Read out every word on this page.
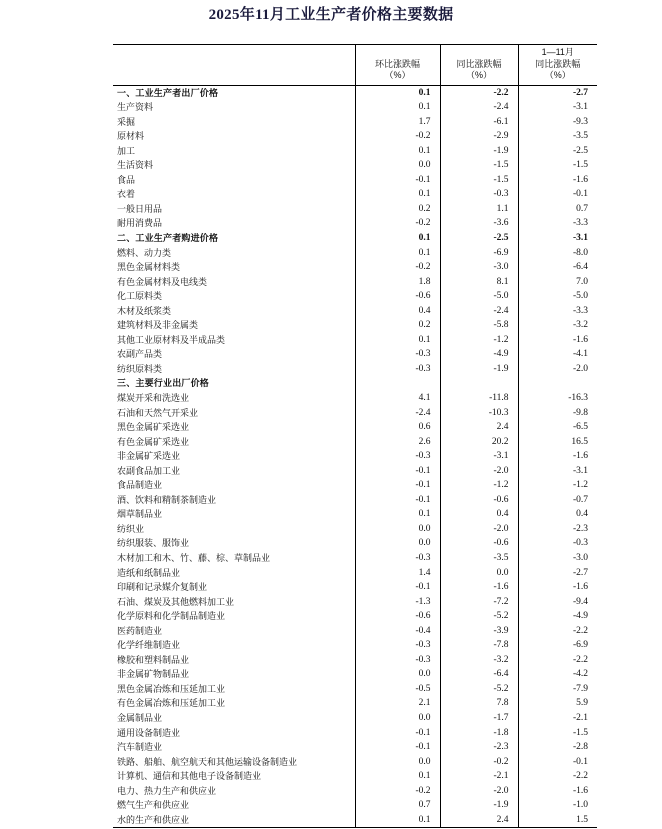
2025年11月工业生产者价格主要数据

	环比涨跌幅
（%）	同比涨跌幅
（%）	1—11月
同比涨跌幅
（%）

一、工业生产者出厂价格	0.1	-2.2	-2.7
生产资料	0.1	-2.4	-3.1
采掘	1.7	-6.1	-9.3
原材料	-0.2	-2.9	-3.5
加工	0.1	-1.9	-2.5
生活资料	0.0	-1.5	-1.5
食品	-0.1	-1.5	-1.6
衣着	0.1	-0.3	-0.1
一般日用品	0.2	1.1	0.7
耐用消费品	-0.2	-3.6	-3.3
二、工业生产者购进价格	0.1	-2.5	-3.1
燃料、动力类	0.1	-6.9	-8.0
黑色金属材料类	-0.2	-3.0	-6.4
有色金属材料及电线类	1.8	8.1	7.0
化工原料类	-0.6	-5.0	-5.0
木材及纸浆类	0.4	-2.4	-3.3
建筑材料及非金属类	0.2	-5.8	-3.2
其他工业原材料及半成品类	0.1	-1.2	-1.6
农副产品类	-0.3	-4.9	-4.1
纺织原料类	-0.3	-1.9	-2.0
三、主要行业出厂价格			
煤炭开采和洗选业	4.1	-11.8	-16.3
石油和天然气开采业	-2.4	-10.3	-9.8
黑色金属矿采选业	0.6	2.4	-6.5
有色金属矿采选业	2.6	20.2	16.5
非金属矿采选业	-0.3	-3.1	-1.6
农副食品加工业	-0.1	-2.0	-3.1
食品制造业	-0.1	-1.2	-1.2
酒、饮料和精制茶制造业	-0.1	-0.6	-0.7
烟草制品业	0.1	0.4	0.4
纺织业	0.0	-2.0	-2.3
纺织服装、服饰业	0.0	-0.6	-0.3
木材加工和木、竹、藤、棕、草制品业	-0.3	-3.5	-3.0
造纸和纸制品业	1.4	0.0	-2.7
印刷和记录媒介复制业	-0.1	-1.6	-1.6
石油、煤炭及其他燃料加工业	-1.3	-7.2	-9.4
化学原料和化学制品制造业	-0.6	-5.2	-4.9
医药制造业	-0.4	-3.9	-2.2
化学纤维制造业	-0.3	-7.8	-6.9
橡胶和塑料制品业	-0.3	-3.2	-2.2
非金属矿物制品业	0.0	-6.4	-4.2
黑色金属冶炼和压延加工业	-0.5	-5.2	-7.9
有色金属冶炼和压延加工业	2.1	7.8	5.9
金属制品业	0.0	-1.7	-2.1
通用设备制造业	-0.1	-1.8	-1.5
汽车制造业	-0.1	-2.3	-2.8
铁路、船舶、航空航天和其他运输设备制造业	0.0	-0.2	-0.1
计算机、通信和其他电子设备制造业	0.1	-2.1	-2.2
电力、热力生产和供应业	-0.2	-2.0	-1.6
燃气生产和供应业	0.7	-1.9	-1.0
水的生产和供应业	0.1	2.4	1.5
